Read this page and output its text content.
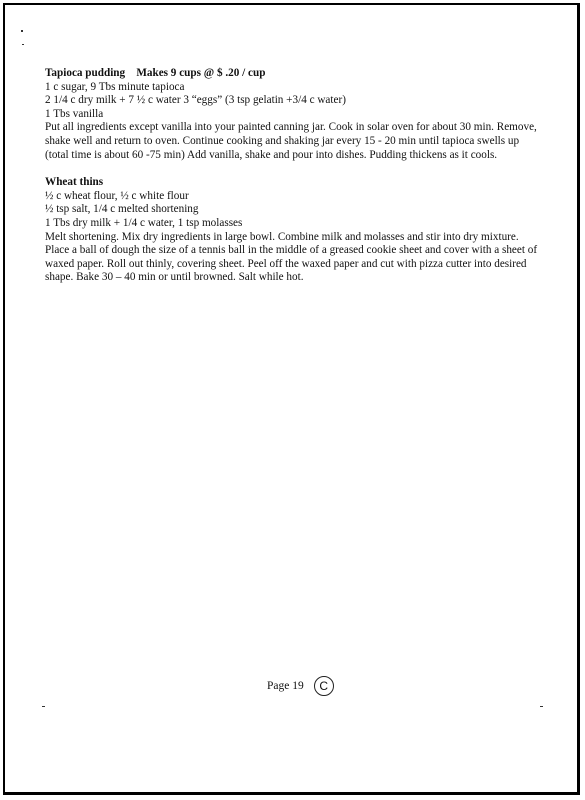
Tapioca pudding Makes 9 cups @ $ .20 / cup
1 c sugar, 9 Tbs minute tapioca
2 1/4 c dry milk + 7 ½ c water 3 “eggs” (3 tsp gelatin +3/4 c water)
1 Tbs vanilla
Put all ingredients except vanilla into your painted canning jar. Cook in solar oven for about 30 min. Remove, shake well and return to oven. Continue cooking and shaking jar every 15 - 20 min until tapioca swells up (total time is about 60 -75 min) Add vanilla, shake and pour into dishes. Pudding thickens as it cools.
Wheat thins
½ c wheat flour, ½ c white flour
½ tsp salt, 1/4 c melted shortening
1 Tbs dry milk + 1/4 c water, 1 tsp molasses
Melt shortening. Mix dry ingredients in large bowl. Combine milk and molasses and stir into dry mixture. Place a ball of dough the size of a tennis ball in the middle of a greased cookie sheet and cover with a sheet of waxed paper. Roll out thinly, covering sheet. Peel off the waxed paper and cut with pizza cutter into desired shape. Bake 30 – 40 min or until browned. Salt while hot.
Page 19	C
